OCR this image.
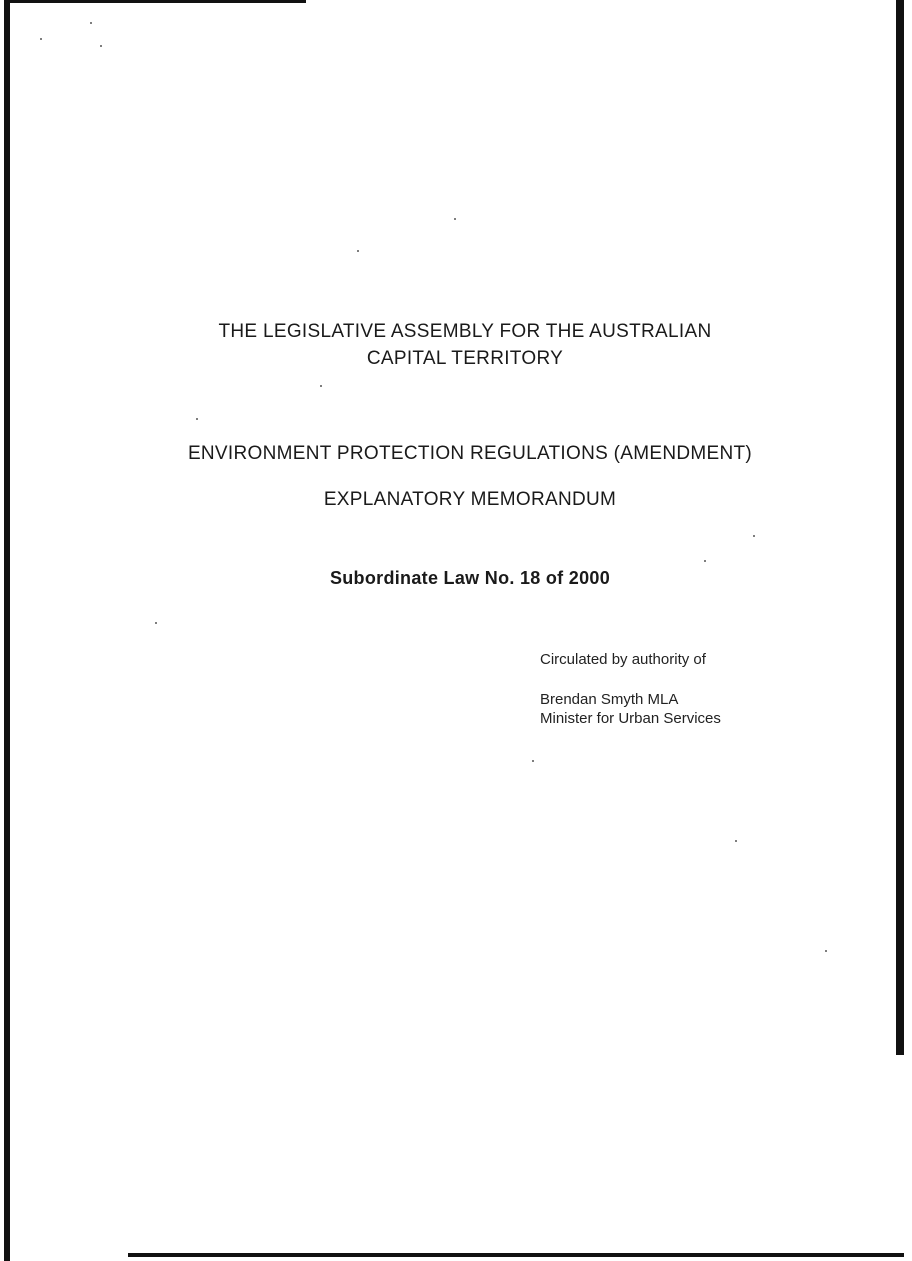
THE LEGISLATIVE ASSEMBLY FOR THE AUSTRALIAN
CAPITAL TERRITORY
ENVIRONMENT PROTECTION REGULATIONS (AMENDMENT)
EXPLANATORY MEMORANDUM
Subordinate Law No. 18 of 2000
Circulated by authority of
Brendan Smyth MLA
Minister for Urban Services
